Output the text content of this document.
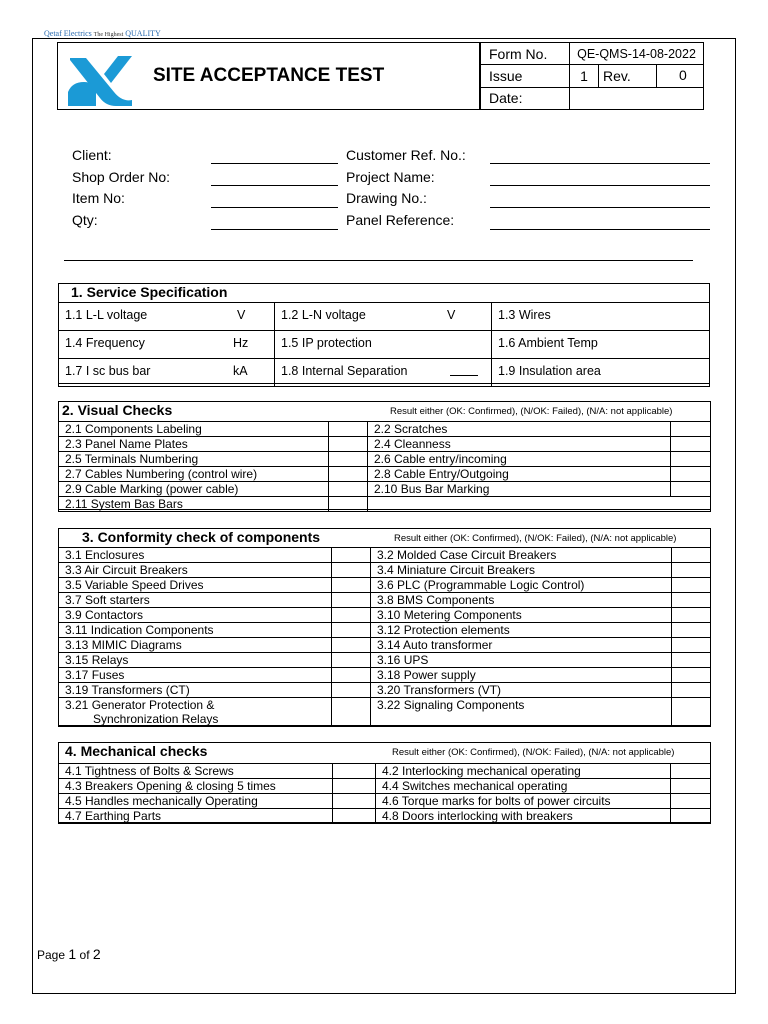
Qetaf Electrics The Highest QUALITY
SITE ACCEPTANCE TEST
Form No.	QE-QMS-14-08-2022	
Issue	1	Rev. 0

Date:		
Client:
Shop Order No:
Item No:
Qty:
Customer Ref. No.:
Project Name:
Drawing No.:
Panel Reference:
1. Service Specification
1.1 L-L voltage V	1.2 L-N voltage V	1.3 Wires

1.4 Frequency Hz	1.5 IP protection	1.6 Ambient Temp

1.7 I sc bus bar kA	1.8 Internal Separation	1.9 Insulation area
2. Visual Checks	Result either (OK: Confirmed), (N/OK: Failed), (N/A: not applicable)
2.1 Components Labeling		2.2 Scratches	
2.3 Panel Name Plates		2.4 Cleanness	
2.5 Terminals Numbering		2.6 Cable entry/incoming	
2.7 Cables Numbering (control wire)		2.8 Cable Entry/Outgoing	
2.9 Cable Marking (power cable)		2.10 Bus Bar Marking	
2.11 System Bas Bars			
3. Conformity check of components	Result either (OK: Confirmed), (N/OK: Failed), (N/A: not applicable)
3.1 Enclosures		3.2 Molded Case Circuit Breakers	
3.3 Air Circuit Breakers		3.4 Miniature Circuit Breakers	
3.5 Variable Speed Drives		3.6 PLC (Programmable Logic Control)	
3.7 Soft starters		3.8 BMS Components	
3.9 Contactors		3.10 Metering Components	
3.11 Indication Components		3.12 Protection elements	
3.13 MIMIC Diagrams		3.14 Auto transformer	
3.15 Relays		3.16 UPS	
3.17 Fuses		3.18 Power supply	
3.19 Transformers (CT)		3.20 Transformers (VT)	

3.21 Generator Protection &
Synchronization Relays		3.22 Signaling Components	
4. Mechanical checks	Result either (OK: Confirmed), (N/OK: Failed), (N/A: not applicable)
4.1 Tightness of Bolts & Screws		4.2 Interlocking mechanical operating	
4.3 Breakers Opening & closing 5 times		4.4 Switches mechanical operating	
4.5 Handles mechanically Operating		4.6 Torque marks for bolts of power circuits	
4.7 Earthing Parts		4.8 Doors interlocking with breakers	
Page 1 of 2
